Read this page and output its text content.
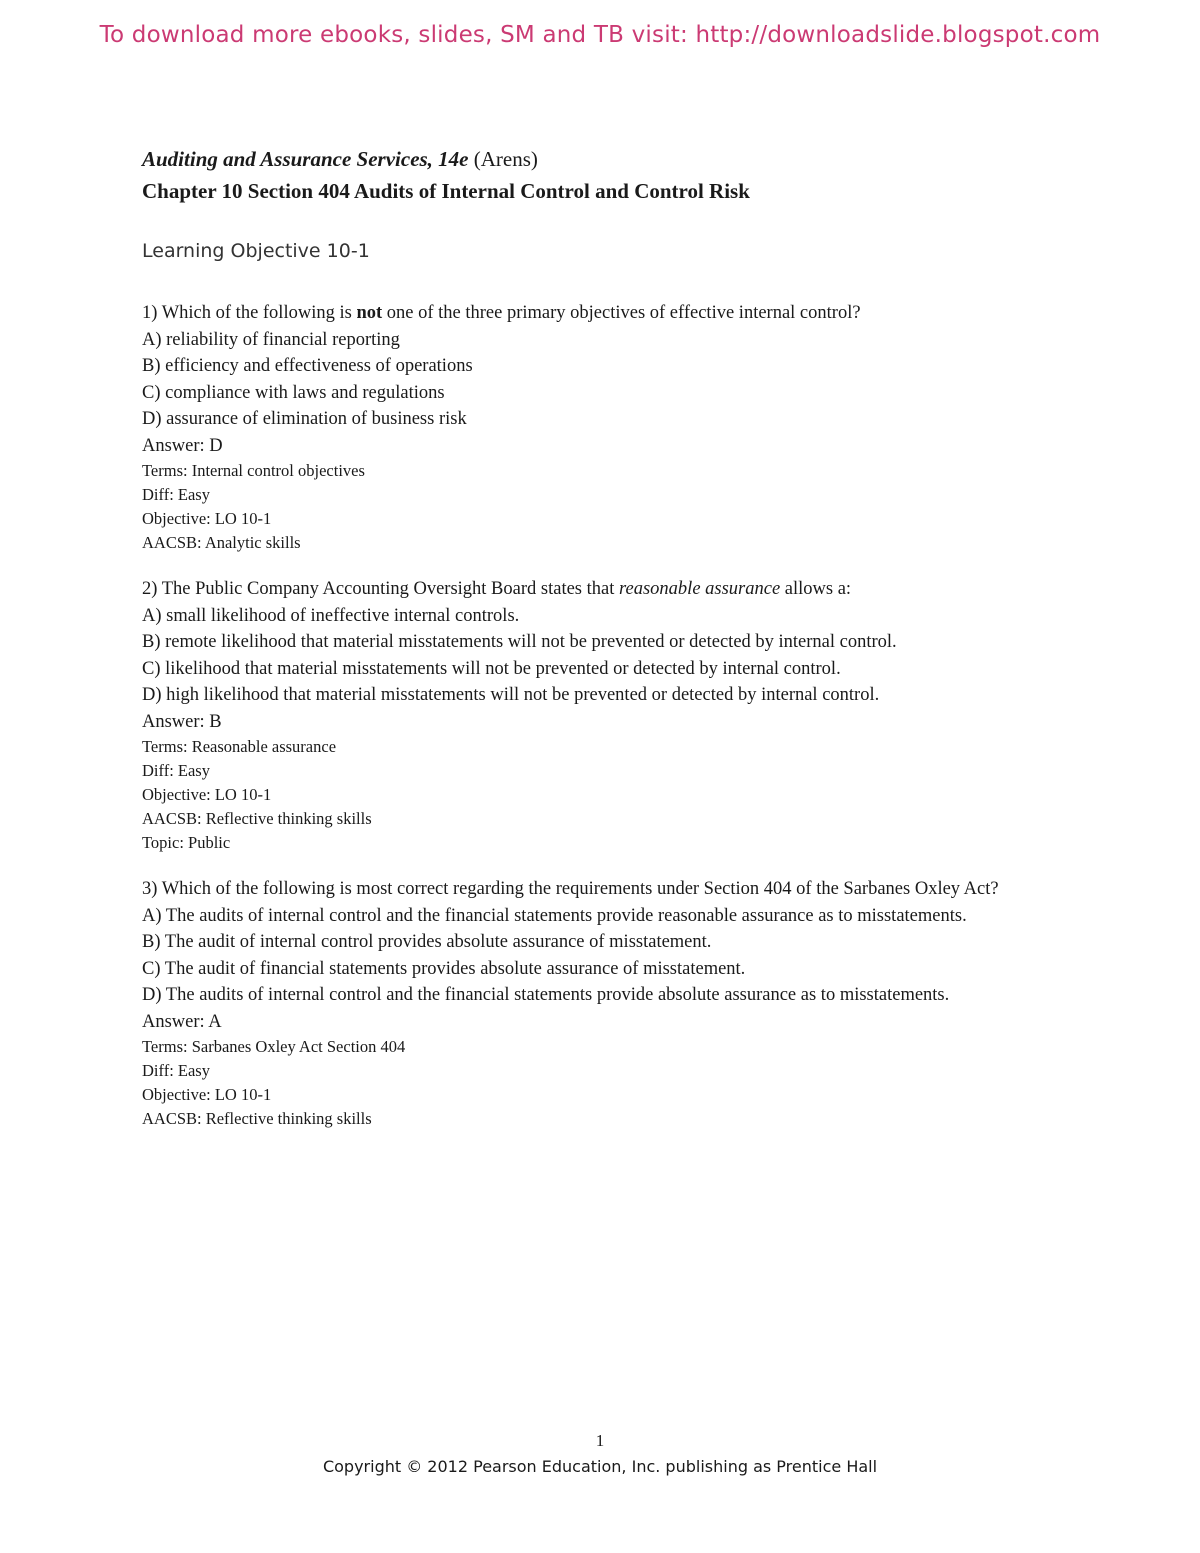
To download more ebooks, slides, SM and TB visit: http://downloadslide.blogspot.com
Auditing and Assurance Services, 14e (Arens)
Chapter 10 Section 404 Audits of Internal Control and Control Risk
Learning Objective 10-1
1) Which of the following is not one of the three primary objectives of effective internal control?
A) reliability of financial reporting
B) efficiency and effectiveness of operations
C) compliance with laws and regulations
D) assurance of elimination of business risk
Answer: D
Terms: Internal control objectives
Diff: Easy
Objective: LO 10-1
AACSB: Analytic skills
2) The Public Company Accounting Oversight Board states that reasonable assurance allows a:
A) small likelihood of ineffective internal controls.
B) remote likelihood that material misstatements will not be prevented or detected by internal control.
C) likelihood that material misstatements will not be prevented or detected by internal control.
D) high likelihood that material misstatements will not be prevented or detected by internal control.
Answer: B
Terms: Reasonable assurance
Diff: Easy
Objective: LO 10-1
AACSB: Reflective thinking skills
Topic: Public
3) Which of the following is most correct regarding the requirements under Section 404 of the Sarbanes Oxley Act?
A) The audits of internal control and the financial statements provide reasonable assurance as to misstatements.
B) The audit of internal control provides absolute assurance of misstatement.
C) The audit of financial statements provides absolute assurance of misstatement.
D) The audits of internal control and the financial statements provide absolute assurance as to misstatements.
Answer: A
Terms: Sarbanes Oxley Act Section 404
Diff: Easy
Objective: LO 10-1
AACSB: Reflective thinking skills
1
Copyright © 2012 Pearson Education, Inc. publishing as Prentice Hall
